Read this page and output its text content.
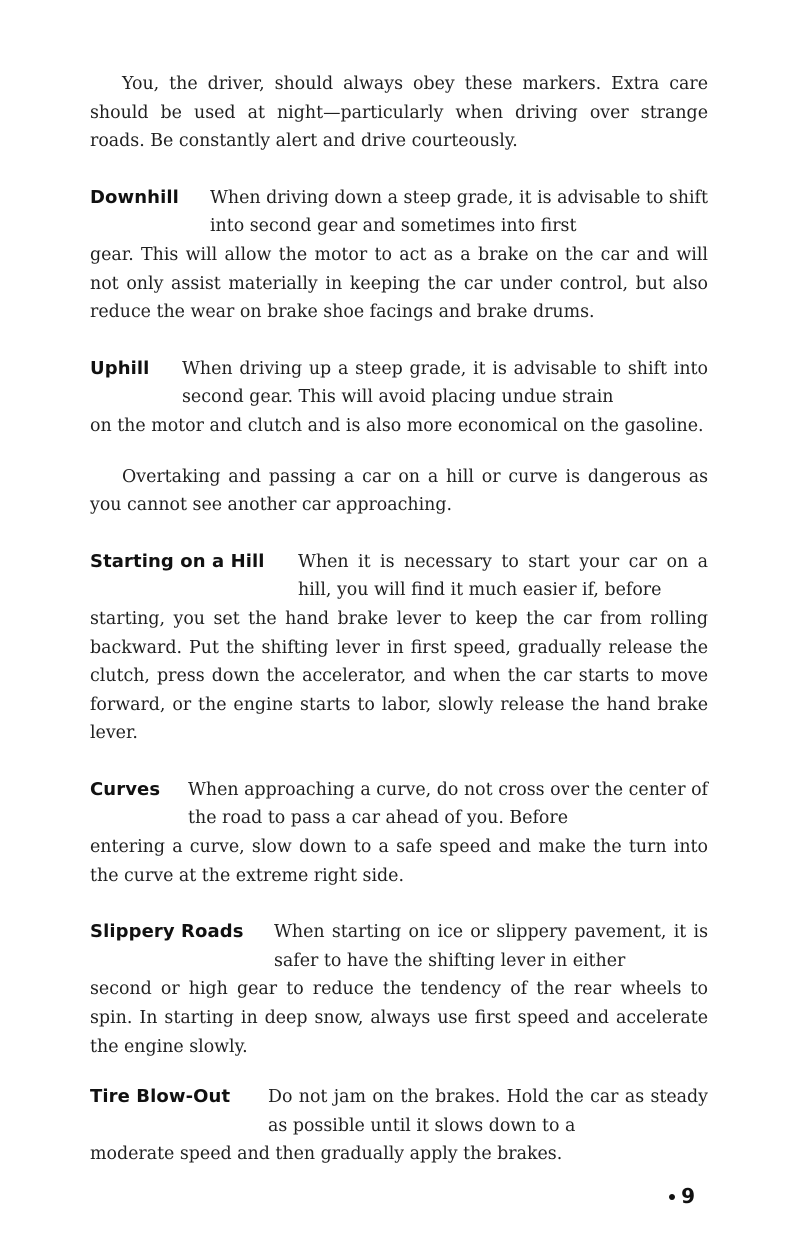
You, the driver, should always obey these markers. Extra care should be used at night—particularly when driving over strange roads. Be constantly alert and drive courteously.

Downhill	When driving down a steep grade, it is advisable to shift into second gear and sometimes into first

gear. This will allow the motor to act as a brake on the car and will not only assist materially in keeping the car under control, but also reduce the wear on brake shoe facings and brake drums.

Uphill	When driving up a steep grade, it is advisable to shift into second gear. This will avoid placing undue strain

on the motor and clutch and is also more economical on the gasoline.

Overtaking and passing a car on a hill or curve is dangerous as you cannot see another car approaching.

Starting on a Hill	When it is necessary to start your car on a hill, you will find it much easier if, before

starting, you set the hand brake lever to keep the car from rolling backward. Put the shifting lever in first speed, gradually release the clutch, press down the accelerator, and when the car starts to move forward, or the engine starts to labor, slowly release the hand brake lever.

Curves	When approaching a curve, do not cross over the center of the road to pass a car ahead of you. Before

entering a curve, slow down to a safe speed and make the turn into the curve at the extreme right side.

Slippery Roads	When starting on ice or slippery pavement, it is safer to have the shifting lever in either

second or high gear to reduce the tendency of the rear wheels to spin. In starting in deep snow, always use first speed and accelerate the engine slowly.

Tire Blow-Out	Do not jam on the brakes. Hold the car as steady as possible until it slows down to a

moderate speed and then gradually apply the brakes.

9
